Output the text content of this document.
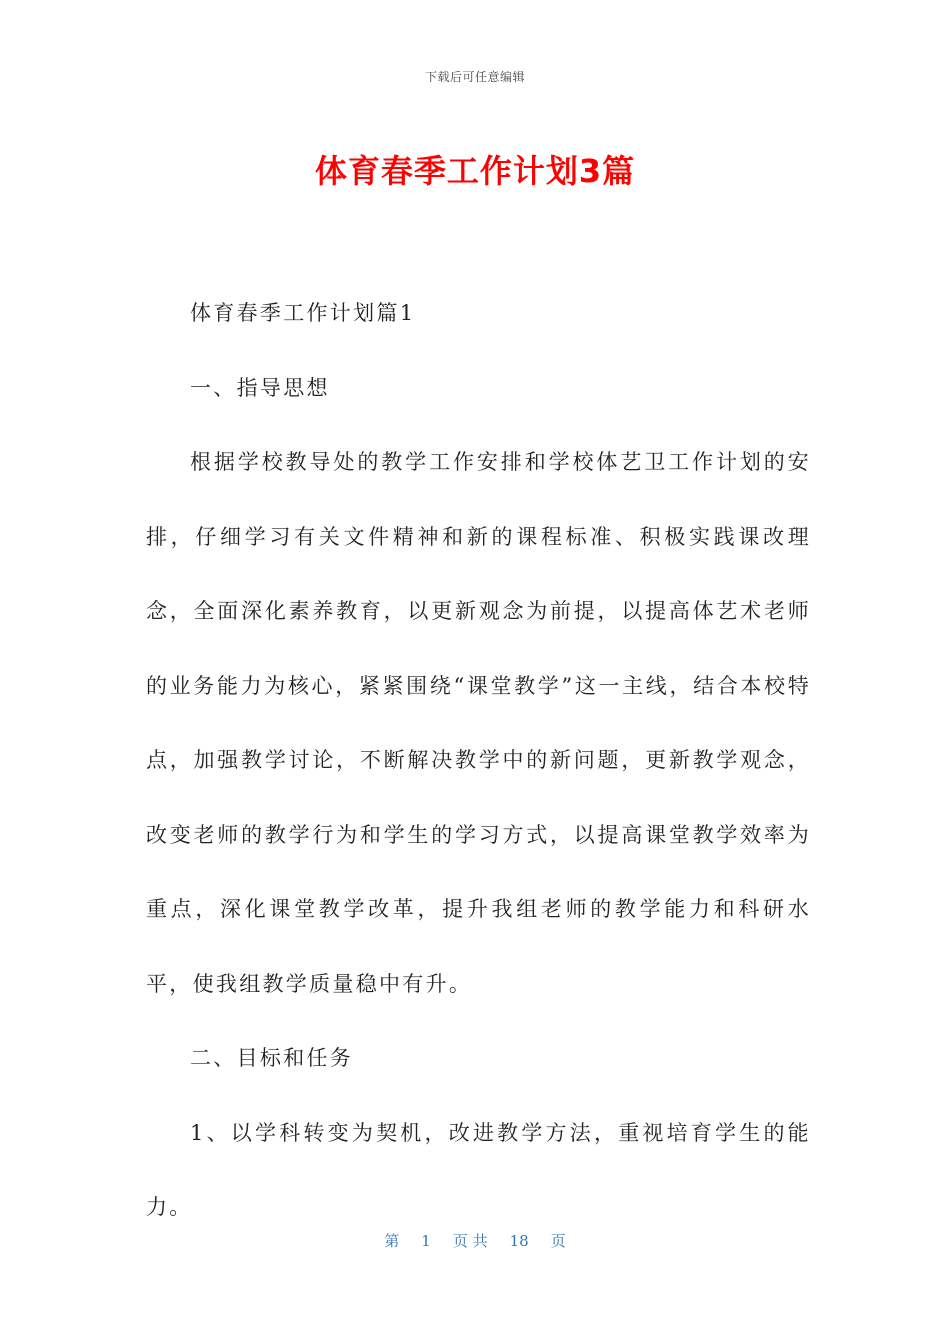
下载后可任意编辑
体育春季工作计划3篇

体育春季工作计划篇1

一、指导思想

根据学校教导处的教学工作安排和学校体艺卫工作计划的安排，仔细学习有关文件精神和新的课程标准、积极实践课改理念，全面深化素养教育，以更新观念为前提，以提高体艺术老师的业务能力为核心，紧紧围绕“课堂教学”这一主线，结合本校特点，加强教学讨论，不断解决教学中的新问题，更新教学观念，改变老师的教学行为和学生的学习方式，以提高课堂教学效率为重点，深化课堂教学改革，提升我组老师的教学能力和科研水平，使我组教学质量稳中有升。

二、目标和任务

1、以学科转变为契机，改进教学方法，重视培育学生的能力。

第 1 页 共 18 页
